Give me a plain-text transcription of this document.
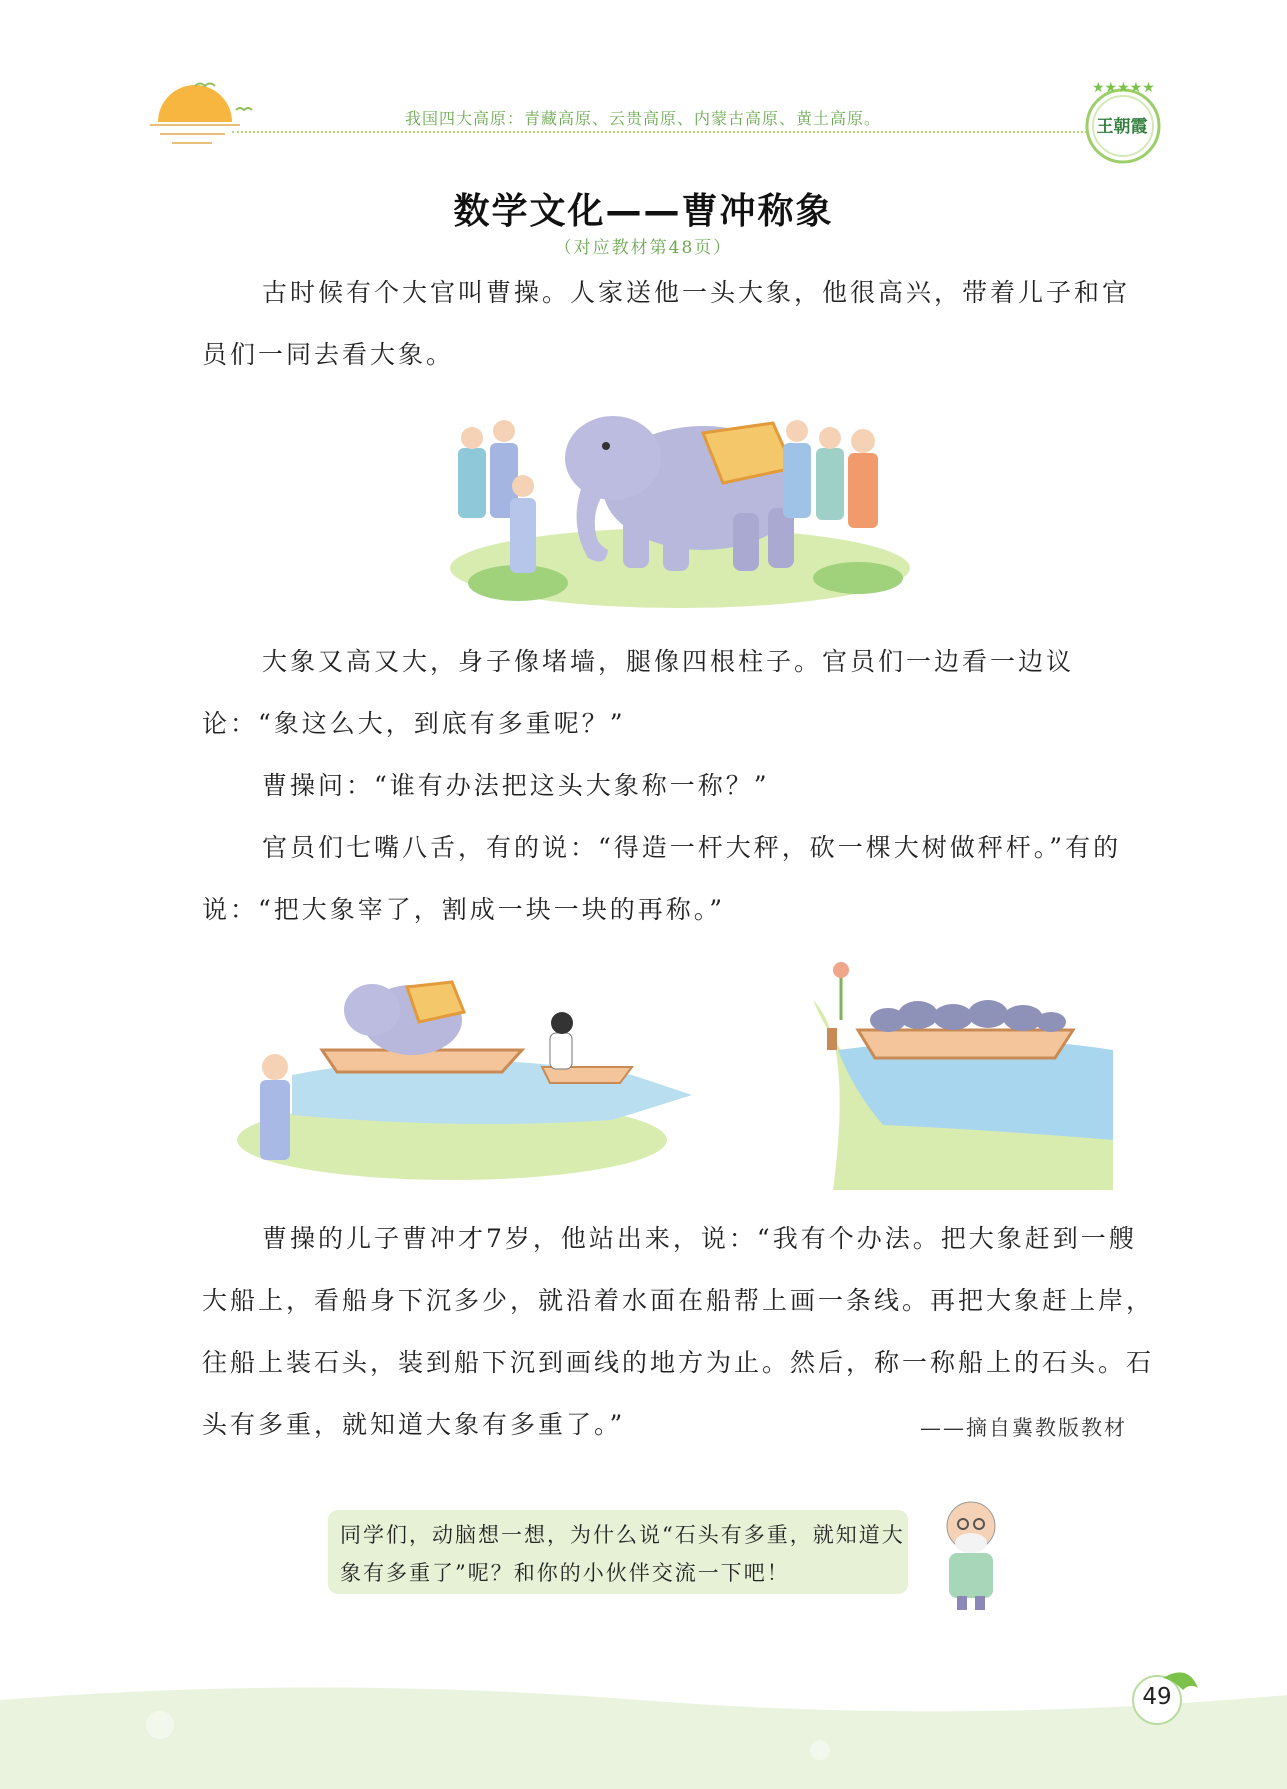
我国四大高原：青藏高原、云贵高原、内蒙古高原、黄土高原。
★★★★★
王朝霞
数学文化——曹冲称象
（对应教材第48页）

古时候有个大官叫曹操。人家送他一头大象，他很高兴，带着儿子和官员们一同去看大象。

大象又高又大，身子像堵墙，腿像四根柱子。官员们一边看一边议论：“象这么大，到底有多重呢？”

曹操问：“谁有办法把这头大象称一称？”

官员们七嘴八舌，有的说：“得造一杆大秤，砍一棵大树做秤杆。”有的说：“把大象宰了，割成一块一块的再称。”

曹操的儿子曹冲才7岁，他站出来，说：“我有个办法。把大象赶到一艘大船上，看船身下沉多少，就沿着水面在船帮上画一条线。再把大象赶上岸，往船上装石头，装到船下沉到画线的地方为止。然后，称一称船上的石头。石头有多重，就知道大象有多重了。”	——摘自冀教版教材
同学们，动脑想一想，为什么说“石头有多重，就知道大象有多重了”呢？和你的小伙伴交流一下吧！
49
